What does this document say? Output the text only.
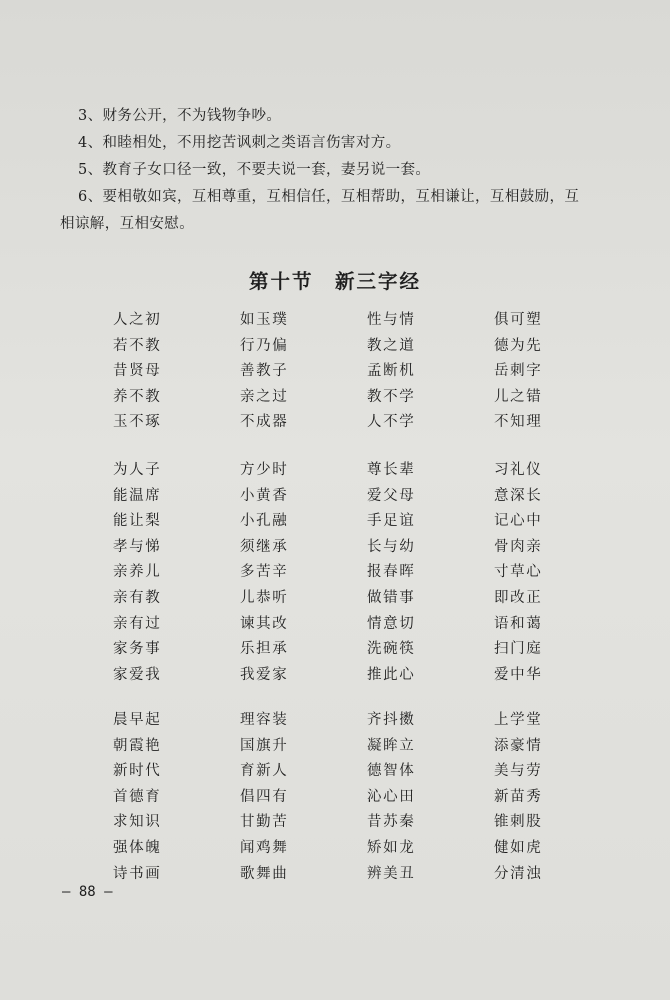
3、财务公开，不为钱物争吵。
4、和睦相处，不用挖苦讽刺之类语言伤害对方。
5、教育子女口径一致，不要夫说一套，妻另说一套。
6、要相敬如宾，互相尊重，互相信任，互相帮助，互相谦让，互相鼓励，互
相谅解，互相安慰。
第十节　新三字经
人之初	如玉璞	性与情	俱可塑
若不教	行乃偏	教之道	德为先
昔贤母	善教子	孟断机	岳刺字
养不教	亲之过	教不学	儿之错
玉不琢	不成器	人不学	不知理
为人子	方少时	尊长辈	习礼仪
能温席	小黄香	爱父母	意深长
能让梨	小孔融	手足谊	记心中
孝与悌	须继承	长与幼	骨肉亲
亲养儿	多苦辛	报春晖	寸草心
亲有教	儿恭听	做错事	即改正
亲有过	谏其改	情意切	语和蔼
家务事	乐担承	洗碗筷	扫门庭
家爱我	我爱家	推此心	爱中华
晨早起	理容装	齐抖擞	上学堂
朝霞艳	国旗升	凝眸立	添豪情
新时代	育新人	德智体	美与劳
首德育	倡四有	沁心田	新苗秀
求知识	甘勤苦	昔苏秦	锥刺股
强体魄	闻鸡舞	矫如龙	健如虎
诗书画	歌舞曲	辨美丑	分清浊
— 88 —
